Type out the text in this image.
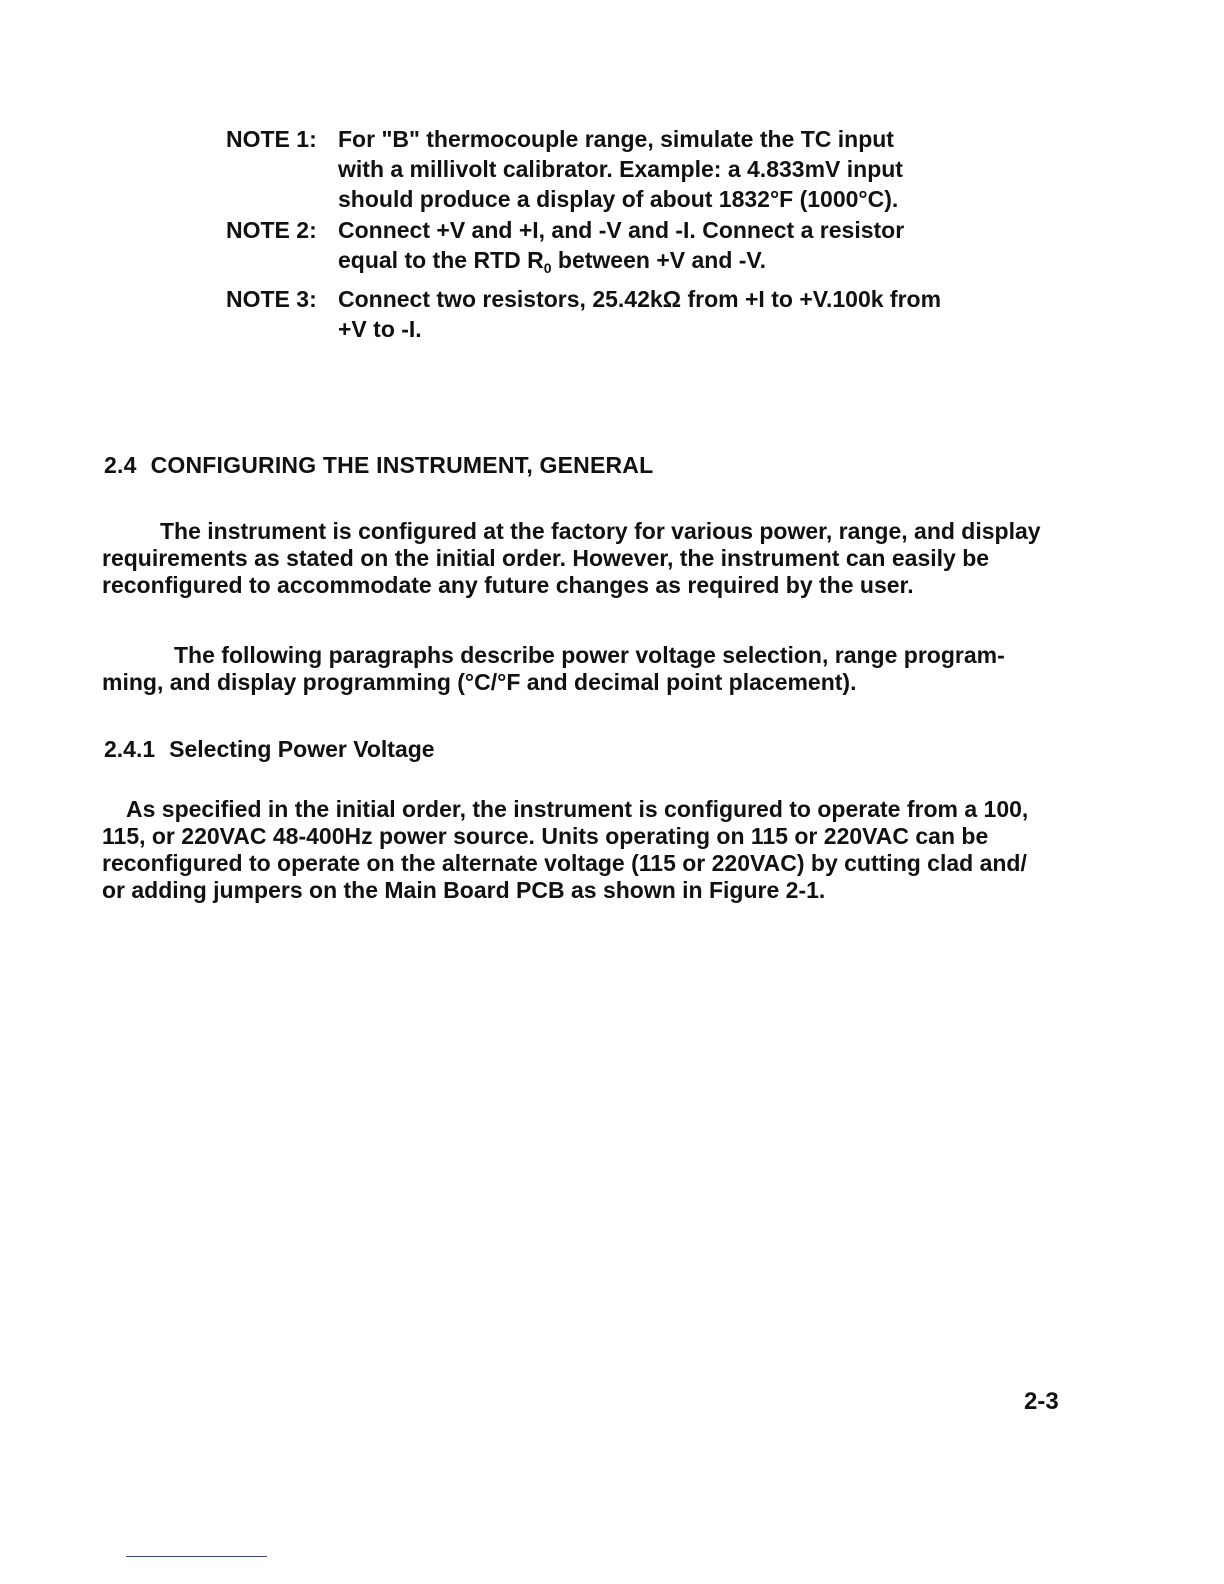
NOTE 1: For "B" thermocouple range, simulate the TC input
with a millivolt calibrator. Example: a 4.833mV input
should produce a display of about 1832°F (1000°C).
NOTE 2: Connect +V and +I, and -V and -I. Connect a resistor
equal to the RTD $R_0$ between +V and -V.
NOTE 3: Connect two resistors, 25.42kΩ from +I to +V.100k from
+V to -I.
2.4 CONFIGURING THE INSTRUMENT, GENERAL
The instrument is configured at the factory for various power, range, and display
requirements as stated on the initial order. However, the instrument can easily be
reconfigured to accommodate any future changes as required by the user.
The following paragraphs describe power voltage selection, range program-
ming, and display programming (°C/°F and decimal point placement).
2.4.1 Selecting Power Voltage
As specified in the initial order, the instrument is configured to operate from a 100,
115, or 220VAC 48-400Hz power source. Units operating on 115 or 220VAC can be
reconfigured to operate on the alternate voltage (115 or 220VAC) by cutting clad and/
or adding jumpers on the Main Board PCB as shown in Figure 2-1.
2-3
